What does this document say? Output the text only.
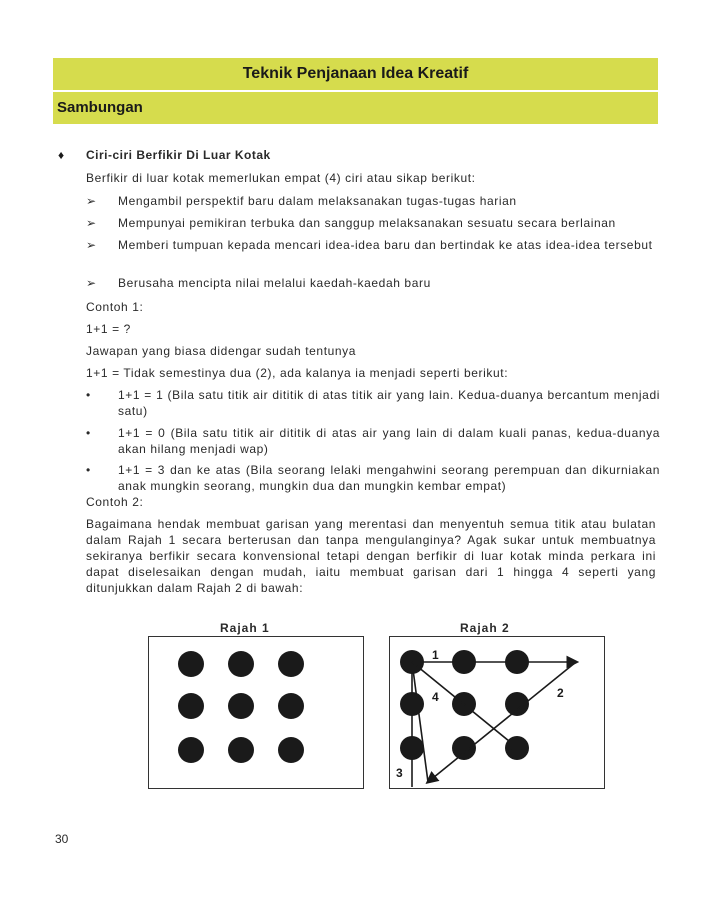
Teknik Penjanaan Idea Kreatif
Sambungan
♦ Ciri-ciri Berfikir Di Luar Kotak
Berfikir di luar kotak memerlukan empat (4) ciri atau sikap berikut:
➢ Mengambil perspektif baru dalam melaksanakan tugas-tugas harian
➢ Mempunyai pemikiran terbuka dan sanggup melaksanakan sesuatu secara berlainan
➢ Memberi tumpuan kepada mencari idea-idea baru dan bertindak ke atas idea-idea tersebut
➢ Berusaha mencipta nilai melalui kaedah-kaedah baru
Contoh 1:
1+1 = ?
Jawapan yang biasa didengar sudah tentunya
1+1 = Tidak semestinya dua (2), ada kalanya ia menjadi seperti berikut:
• 1+1 = 1 (Bila satu titik air dititik di atas titik air yang lain. Kedua-duanya bercantum menjadi satu)
• 1+1 = 0 (Bila satu titik air dititik di atas air yang lain di dalam kuali panas, kedua-duanya akan hilang menjadi wap)
• 1+1 = 3 dan ke atas (Bila seorang lelaki mengahwini seorang perempuan dan dikurniakan anak mungkin seorang, mungkin dua dan mungkin kembar empat)
Contoh 2:
Bagaimana hendak membuat garisan yang merentasi dan menyentuh semua titik atau bulatan dalam Rajah 1 secara berterusan dan tanpa mengulanginya? Agak sukar untuk membuatnya sekiranya berfikir secara konvensional tetapi dengan berfikir di luar kotak minda perkara ini dapat diselesaikan dengan mudah, iaitu membuat garisan dari 1 hingga 4 seperti yang ditunjukkan dalam Rajah 2 di bawah:
Rajah 1	Rajah 2
1
2
3
4
30
